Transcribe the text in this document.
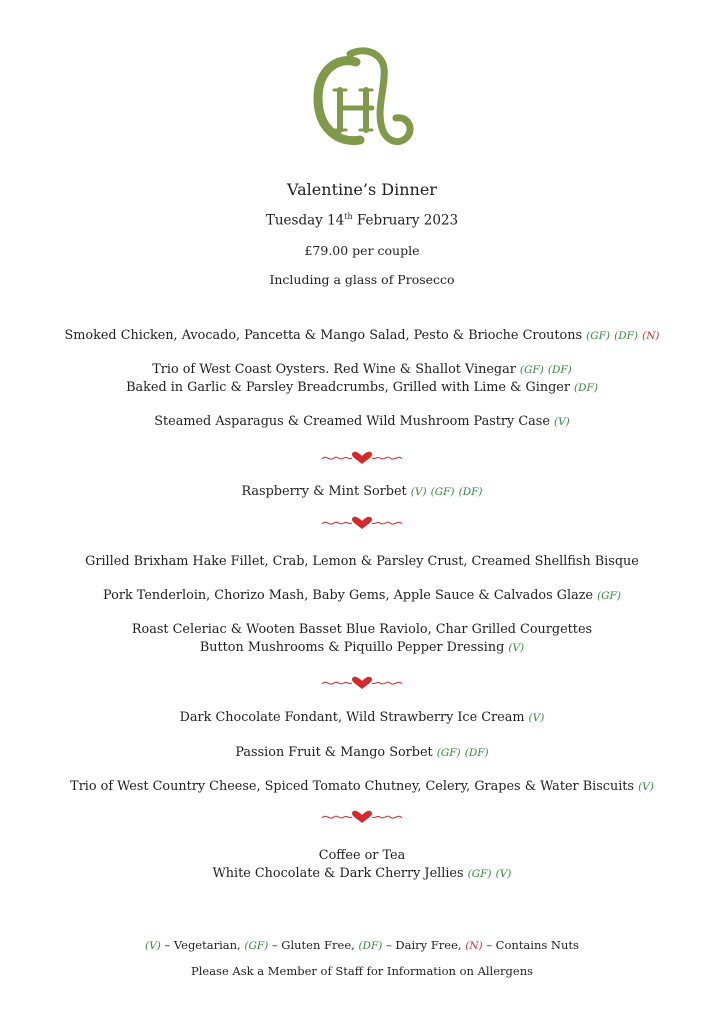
Valentine’s Dinner
Tuesday 14th February 2023
£79.00 per couple
Including a glass of Prosecco
Smoked Chicken, Avocado, Pancetta & Mango Salad, Pesto & Brioche Croutons (GF) (DF) (N)
Trio of West Coast Oysters. Red Wine & Shallot Vinegar (GF) (DF)
Baked in Garlic & Parsley Breadcrumbs, Grilled with Lime & Ginger (DF)
Steamed Asparagus & Creamed Wild Mushroom Pastry Case (V)
Raspberry & Mint Sorbet (V) (GF) (DF)
Grilled Brixham Hake Fillet, Crab, Lemon & Parsley Crust, Creamed Shellfish Bisque
Pork Tenderloin, Chorizo Mash, Baby Gems, Apple Sauce & Calvados Glaze (GF)
Roast Celeriac & Wooten Basset Blue Raviolo, Char Grilled Courgettes
Button Mushrooms & Piquillo Pepper Dressing (V)
Dark Chocolate Fondant, Wild Strawberry Ice Cream (V)
Passion Fruit & Mango Sorbet (GF) (DF)
Trio of West Country Cheese, Spiced Tomato Chutney, Celery, Grapes & Water Biscuits (V)
Coffee or Tea
White Chocolate & Dark Cherry Jellies (GF) (V)
(V) – Vegetarian, (GF) – Gluten Free, (DF) – Dairy Free, (N) – Contains Nuts
Please Ask a Member of Staff for Information on Allergens
